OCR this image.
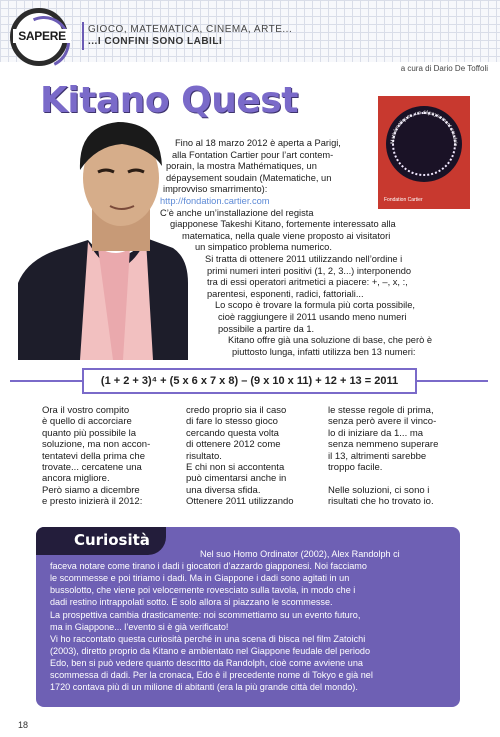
SAPERE	GIOCO, MATEMATICA, CINEMA, ARTE...
...I CONFINI SONO LABILI
a cura di Dario De Toffoli
Kitano Quest
Mathématiques, un dépaysement soudain
Fondation Cartier
Fino al 18 marzo 2012 è aperta a Parigi,
alla Fontation Cartier pour l’art contem-
porain, la mostra Mathématiques, un
dépaysement soudain (Matematiche, un
improvviso smarrimento):
http://fondation.cartier.com
C’è anche un’installazione del regista
giapponese Takeshi Kitano, fortemente interessato alla
matematica, nella quale viene proposto ai visitatori
un simpatico problema numerico.
Si tratta di ottenere 2011 utilizzando nell’ordine i
primi numeri interi positivi (1, 2, 3...) interponendo
tra di essi operatori aritmetici a piacere: +, –, x, :,
parentesi, esponenti, radici, fattoriali...
Lo scopo è trovare la formula più corta possibile,
cioè raggiungere il 2011 usando meno numeri
possibile a partire da 1.
Kitano offre già una soluzione di base, che però è
piuttosto lunga, infatti utilizza ben 13 numeri:
(1 + 2 + 3)⁴ + (5 x 6 x 7 x 8) – (9 x 10 x 11) + 12 + 13 = 2011

Ora il vostro compito

è quello di accorciare

quanto più possibile la

soluzione, ma non accon-

tentatevi della prima che

trovate... cercatene una

ancora migliore.

Però siamo a dicembre

e presto inizierà il 2012:

credo proprio sia il caso

di fare lo stesso gioco

cercando questa volta

di ottenere 2012 come

risultato.

E chi non si accontenta

può cimentarsi anche in

una diversa sfida.

Ottenere 2011 utilizzando

le stesse regole di prima,

senza però avere il vinco-

lo di iniziare da 1... ma

senza nemmeno superare

il 13, altrimenti sarebbe

troppo facile.

Nelle soluzioni, ci sono i

risultati che ho trovato io.

Curiosità
Nel suo Homo Ordinator (2002), Alex Randolph ci
faceva notare come tirano i dadi i giocatori d’azzardo giapponesi. Noi facciamo
le scommesse e poi tiriamo i dadi. Ma in Giappone i dadi sono agitati in un
bussolotto, che viene poi velocemente rovesciato sulla tavola, in modo che i
dadi restino intrappolati sotto. E solo allora si piazzano le scommesse.
La prospettiva cambia drasticamente: noi scommettiamo su un evento futuro,
ma in Giappone... l’evento si è già verificato!
Vi ho raccontato questa curiosità perché in una scena di bisca nel film Zatoichi
(2003), diretto proprio da Kitano e ambientato nel Giappone feudale del periodo
Edo, ben si può vedere quanto descritto da Randolph, cioè come avviene una
scommessa di dadi. Per la cronaca, Edo è il precedente nome di Tokyo e già nel
1720 contava più di un milione di abitanti (era la più grande città del mondo).
18
